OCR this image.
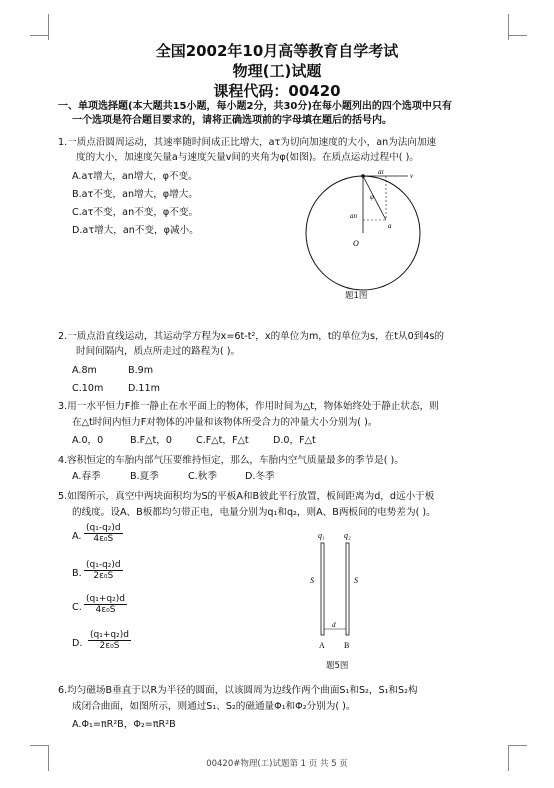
全国2002年10月高等教育自学考试
物理(工)试题
课程代码：00420
一、单项选择题(本大题共15小题，每小题2分，共30分)在每小题列出的四个选项中只有
一个选项是符合题目要求的，请将正确选项前的字母填在题后的括号内。
1.一质点沿圆周运动，其速率随时间成正比增大，aτ为切向加速度的大小，an为法向加速
度的大小，加速度矢量a与速度矢量v间的夹角为φ(如图)。在质点运动过程中( )。
A.aτ增大，an增大，φ不变。
B.aτ不变，an增大，φ增大。
C.aτ不变，an不变，φ不变。
D.aτ增大，an不变，φ减小。
aτ	v
φ
an
a
O
题1图
2.一质点沿直线运动，其运动学方程为x=6t-t²，x的单位为m，t的单位为s，在t从0到4s的
时间间隔内，质点所走过的路程为( )。
A.8m	B.9m
C.10m	D.11m
3.用一水平恒力F推一静止在水平面上的物体，作用时间为△t，物体始终处于静止状态，则
在△t时间内恒力F对物体的冲量和该物体所受合力的冲量大小分别为( )。
A.0，0	B.F△t，0	C.F△t，F△t	D.0，F△t
4.容积恒定的车胎内部气压要维持恒定，那么，车胎内空气质量最多的季节是( )。
A.春季	B.夏季	C.秋季	D.冬季
5.如图所示，真空中两块面积均为S的平板A和B彼此平行放置，板间距离为d，d远小于板
的线度。设A、B板都均匀带正电，电量分别为q₁和q₂，则A、B两板间的电势差为( )。
A. $\frac{\text{(q₁-q₂)d}}{\text{4ε₀S}}$
B. $\frac{\text{(q₁-q₂)d}}{\text{2ε₀S}}$
C. $\frac{\text{(q₁+q₂)d}}{\text{4ε₀S}}$
D. $\frac{\text{(q₁+q₂)d}}{\text{2ε₀S}}$
q₁ q₂
S	S
d
A B
题5图
6.均匀磁场B垂直于以R为半径的圆面，以该圆周为边线作两个曲面S₁和S₂，S₁和S₂构
成闭合曲面，如图所示，则通过S₁、S₂的磁通量Φ₁和Φ₂分别为( )。
A.Φ₁=πR²B，Φ₂=πR²B
00420#物理(工)试题第 1 页 共 5 页
